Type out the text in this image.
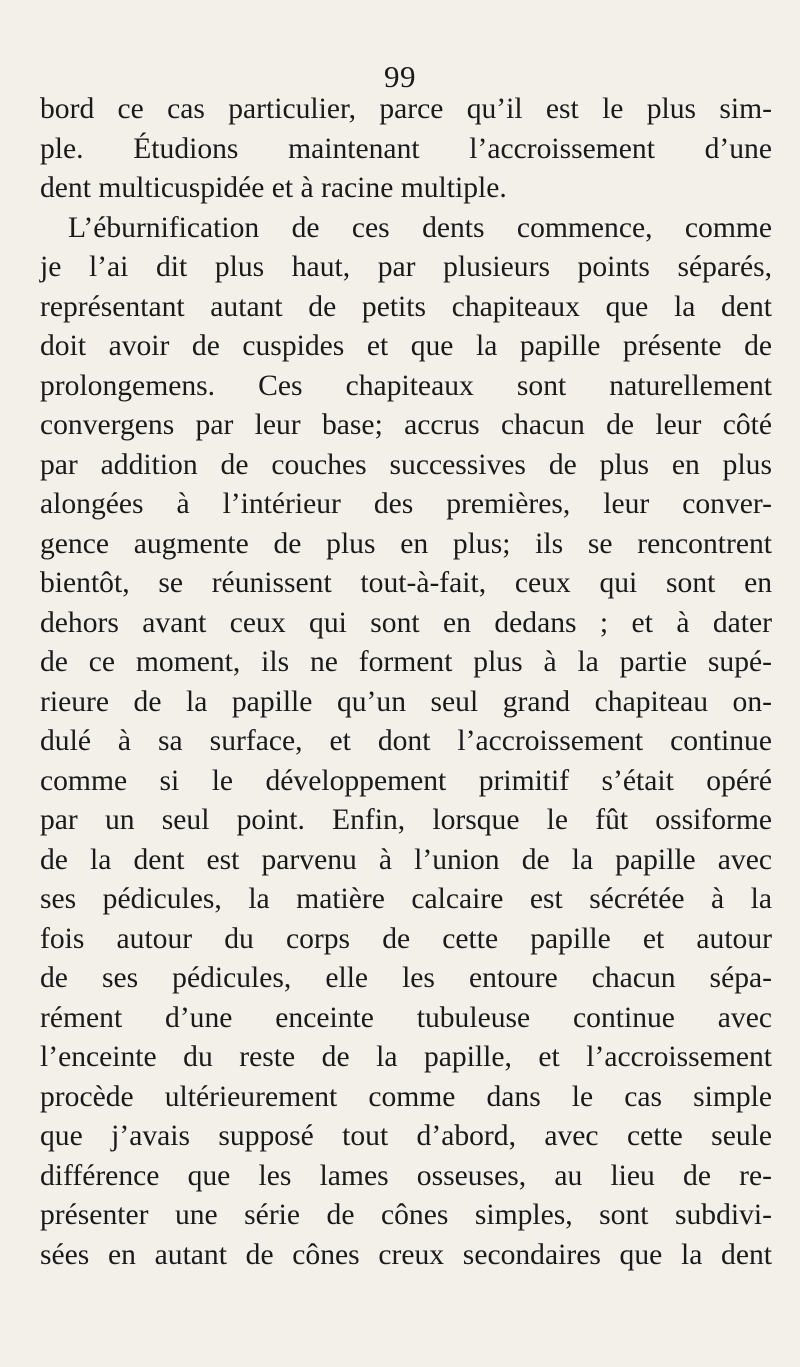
99
bord ce cas particulier, parce qu’il est le plus sim-
ple. Étudions maintenant l’accroissement d’une
dent multicuspidée et à racine multiple.
L’éburnification de ces dents commence, comme
je l’ai dit plus haut, par plusieurs points séparés,
représentant autant de petits chapiteaux que la dent
doit avoir de cuspides et que la papille présente de
prolongemens. Ces chapiteaux sont naturellement
convergens par leur base; accrus chacun de leur côté
par addition de couches successives de plus en plus
alongées à l’intérieur des premières, leur conver-
gence augmente de plus en plus; ils se rencontrent
bientôt, se réunissent tout-à-fait, ceux qui sont en
dehors avant ceux qui sont en dedans ; et à dater
de ce moment, ils ne forment plus à la partie supé-
rieure de la papille qu’un seul grand chapiteau on-
dulé à sa surface, et dont l’accroissement continue
comme si le développement primitif s’était opéré
par un seul point. Enfin, lorsque le fût ossiforme
de la dent est parvenu à l’union de la papille avec
ses pédicules, la matière calcaire est sécrétée à la
fois autour du corps de cette papille et autour
de ses pédicules, elle les entoure chacun sépa-
rément d’une enceinte tubuleuse continue avec
l’enceinte du reste de la papille, et l’accroissement
procède ultérieurement comme dans le cas simple
que j’avais supposé tout d’abord, avec cette seule
différence que les lames osseuses, au lieu de re-
présenter une série de cônes simples, sont subdivi-
sées en autant de cônes creux secondaires que la dent
